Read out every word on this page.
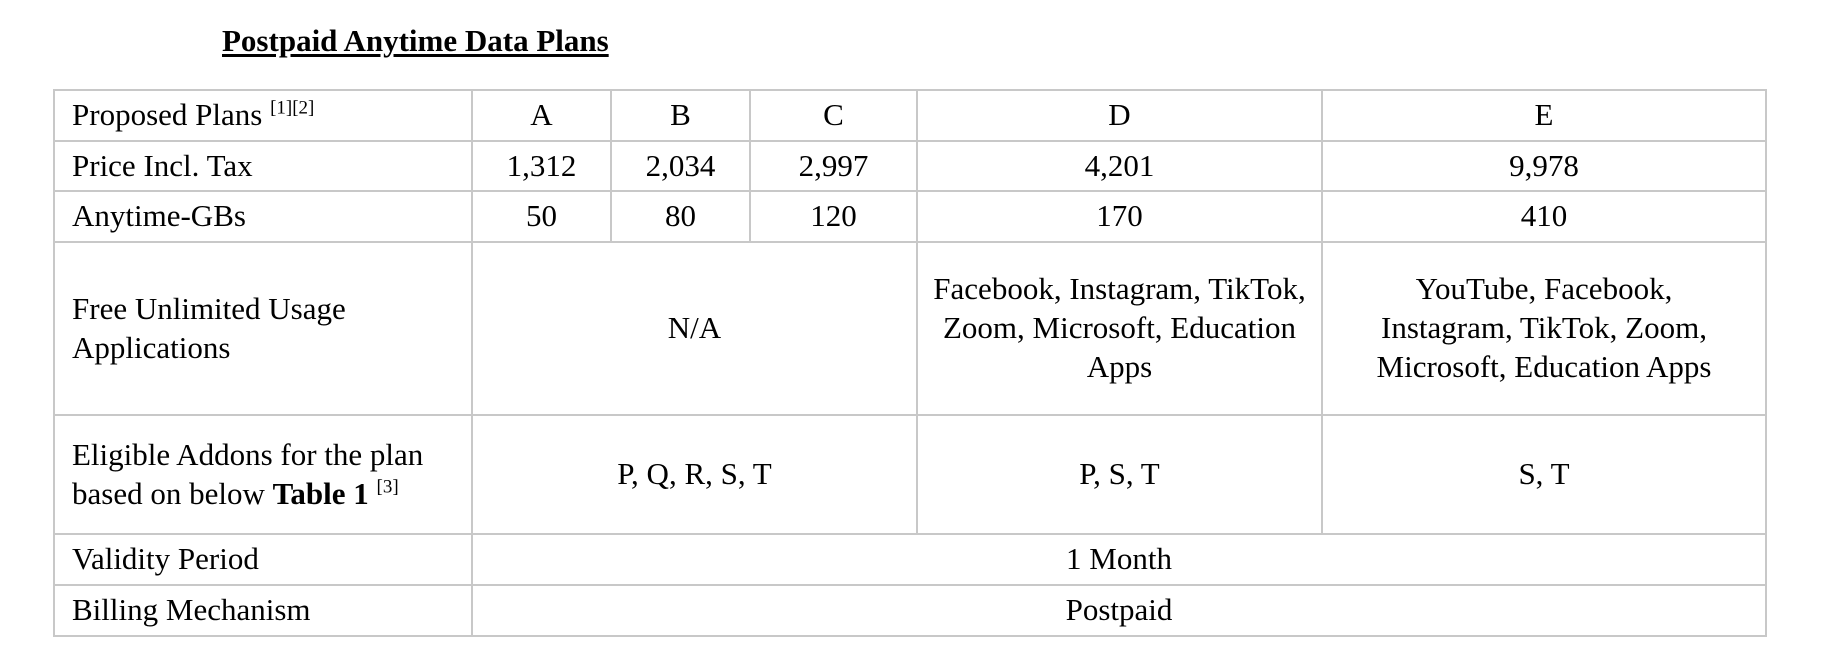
Postpaid Anytime Data Plans
Proposed Plans [1][2]	A	B	C	D	E
Price Incl. Tax	1,312	2,034	2,997	4,201	9,978
Anytime-GBs	50	80	120	170	410
Free Unlimited Usage Applications	N/A			Facebook, Instagram, TikTok, Zoom, Microsoft, Education Apps	YouTube, Facebook, Instagram, TikTok, Zoom, Microsoft, Education Apps
Eligible Addons for the plan based on below Table 1 [3]	P, Q, R, S, T			P, S, T	S, T
Validity Period	1 Month				
Billing Mechanism	Postpaid				
